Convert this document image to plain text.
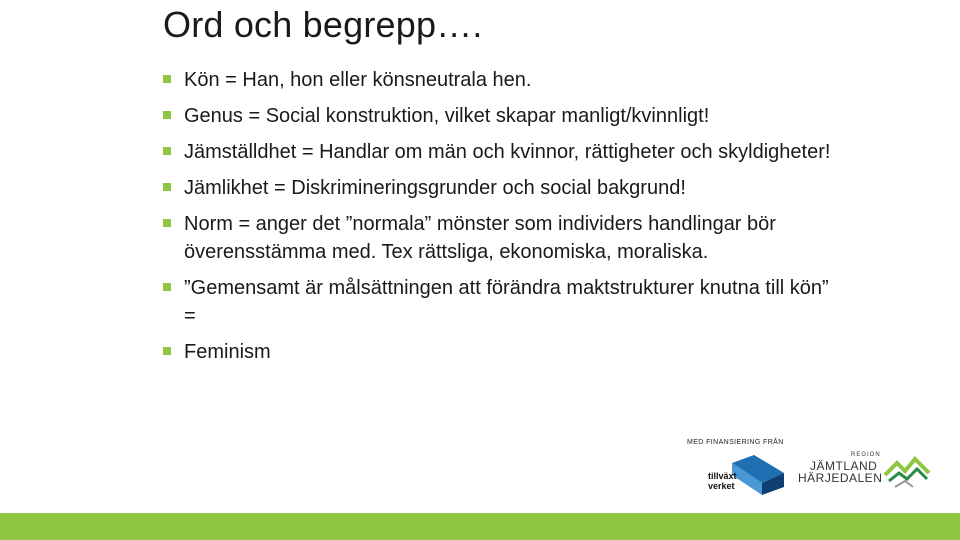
Ord och begrepp….
Kön = Han, hon eller könsneutrala hen.
Genus = Social konstruktion, vilket skapar manligt/kvinnligt!
Jämställdhet = Handlar om män och kvinnor, rättigheter och skyldigheter!
Jämlikhet = Diskrimineringsgrunder och social bakgrund!
Norm = anger det ”normala” mönster som individers handlingar bör överensstämma med. Tex rättsliga, ekonomiska, moraliska.
”Gemensamt är målsättningen att förändra maktstrukturer knutna till kön” =
Feminism
MED FINANSIERING FRÅN
tillväxt
verket
REGION
JÄMTLAND
HÄRJEDALEN
